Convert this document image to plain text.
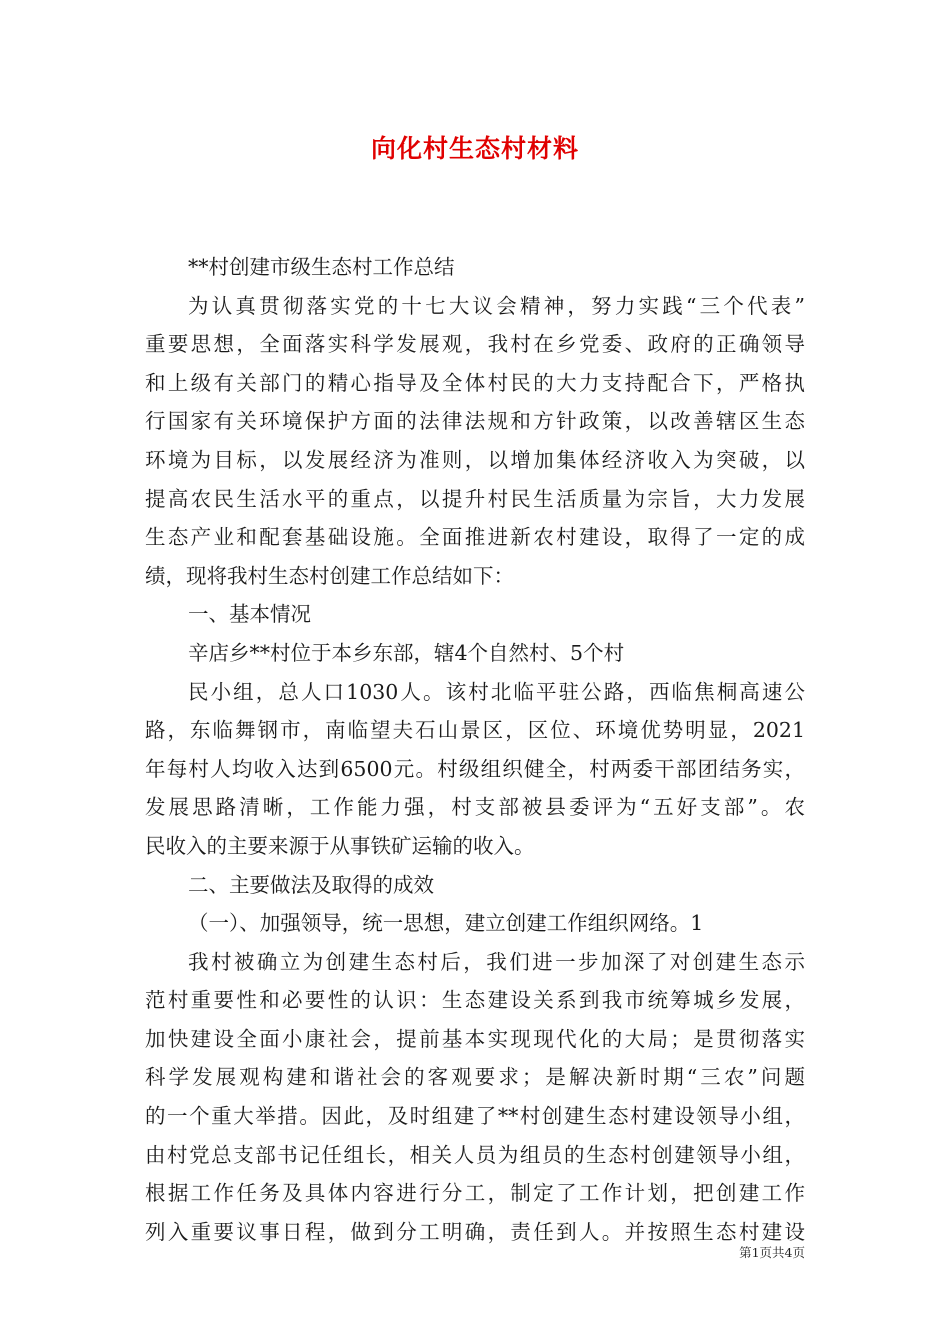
向化村生态村材料
**村创建市级生态村工作总结
为认真贯彻落实党的十七大议会精神，努力实践“三个代表”
重要思想，全面落实科学发展观，我村在乡党委、政府的正确领导
和上级有关部门的精心指导及全体村民的大力支持配合下，严格执
行国家有关环境保护方面的法律法规和方针政策，以改善辖区生态
环境为目标，以发展经济为准则，以增加集体经济收入为突破，以
提高农民生活水平的重点，以提升村民生活质量为宗旨，大力发展
生态产业和配套基础设施。全面推进新农村建设，取得了一定的成
绩，现将我村生态村创建工作总结如下：
一、基本情况
辛店乡**村位于本乡东部，辖4个自然村、5个村
民小组，总人口1030人。该村北临平驻公路，西临焦桐高速公
路，东临舞钢市，南临望夫石山景区，区位、环境优势明显，2021
年每村人均收入达到6500元。村级组织健全，村两委干部团结务实，
发展思路清晰，工作能力强，村支部被县委评为“五好支部”。农
民收入的主要来源于从事铁矿运输的收入。
二、主要做法及取得的成效
（一）、加强领导，统一思想，建立创建工作组织网络。1
我村被确立为创建生态村后，我们进一步加深了对创建生态示
范村重要性和必要性的认识：生态建设关系到我市统筹城乡发展，
加快建设全面小康社会，提前基本实现现代化的大局；是贯彻落实
科学发展观构建和谐社会的客观要求；是解决新时期“三农”问题
的一个重大举措。因此，及时组建了**村创建生态村建设领导小组，
由村党总支部书记任组长，相关人员为组员的生态村创建领导小组，
根据工作任务及具体内容进行分工，制定了工作计划，把创建工作
列入重要议事日程，做到分工明确，责任到人。并按照生态村建设
第1页共4页
